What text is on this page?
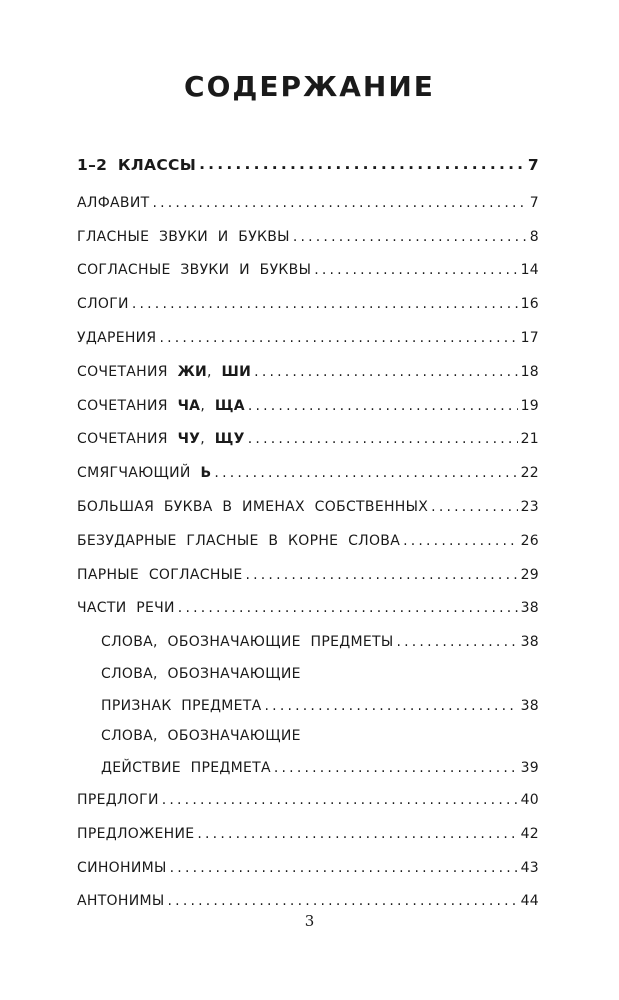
СОДЕРЖАНИЕ
1–2 КЛАССЫ .....	7
АЛФАВИТ .....	7
ГЛАСНЫЕ ЗВУКИ И БУКВЫ .....	8
СОГЛАСНЫЕ ЗВУКИ И БУКВЫ .....	14
СЛОГИ .....	16
УДАРЕНИЯ .....	17
СОЧЕТАНИЯ ЖИ, ШИ .....	18
СОЧЕТАНИЯ ЧА, ЩА .....	19
СОЧЕТАНИЯ ЧУ, ЩУ .....	21
СМЯГЧАЮЩИЙ Ь .....	22
БОЛЬШАЯ БУКВА В ИМЕНАХ СОБСТВЕННЫХ .....	23
БЕЗУДАРНЫЕ ГЛАСНЫЕ В КОРНЕ СЛОВА .....	26
ПАРНЫЕ СОГЛАСНЫЕ .....	29
ЧАСТИ РЕЧИ .....	38
СЛОВА, ОБОЗНАЧАЮЩИЕ ПРЕДМЕТЫ .....	38
СЛОВА, ОБОЗНАЧАЮЩИЕ
ПРИЗНАК ПРЕДМЕТА .....	38
СЛОВА, ОБОЗНАЧАЮЩИЕ
ДЕЙСТВИЕ ПРЕДМЕТА .....	39
ПРЕДЛОГИ .....	40
ПРЕДЛОЖЕНИЕ .....	42
СИНОНИМЫ .....	43
АНТОНИМЫ .....	44
3
